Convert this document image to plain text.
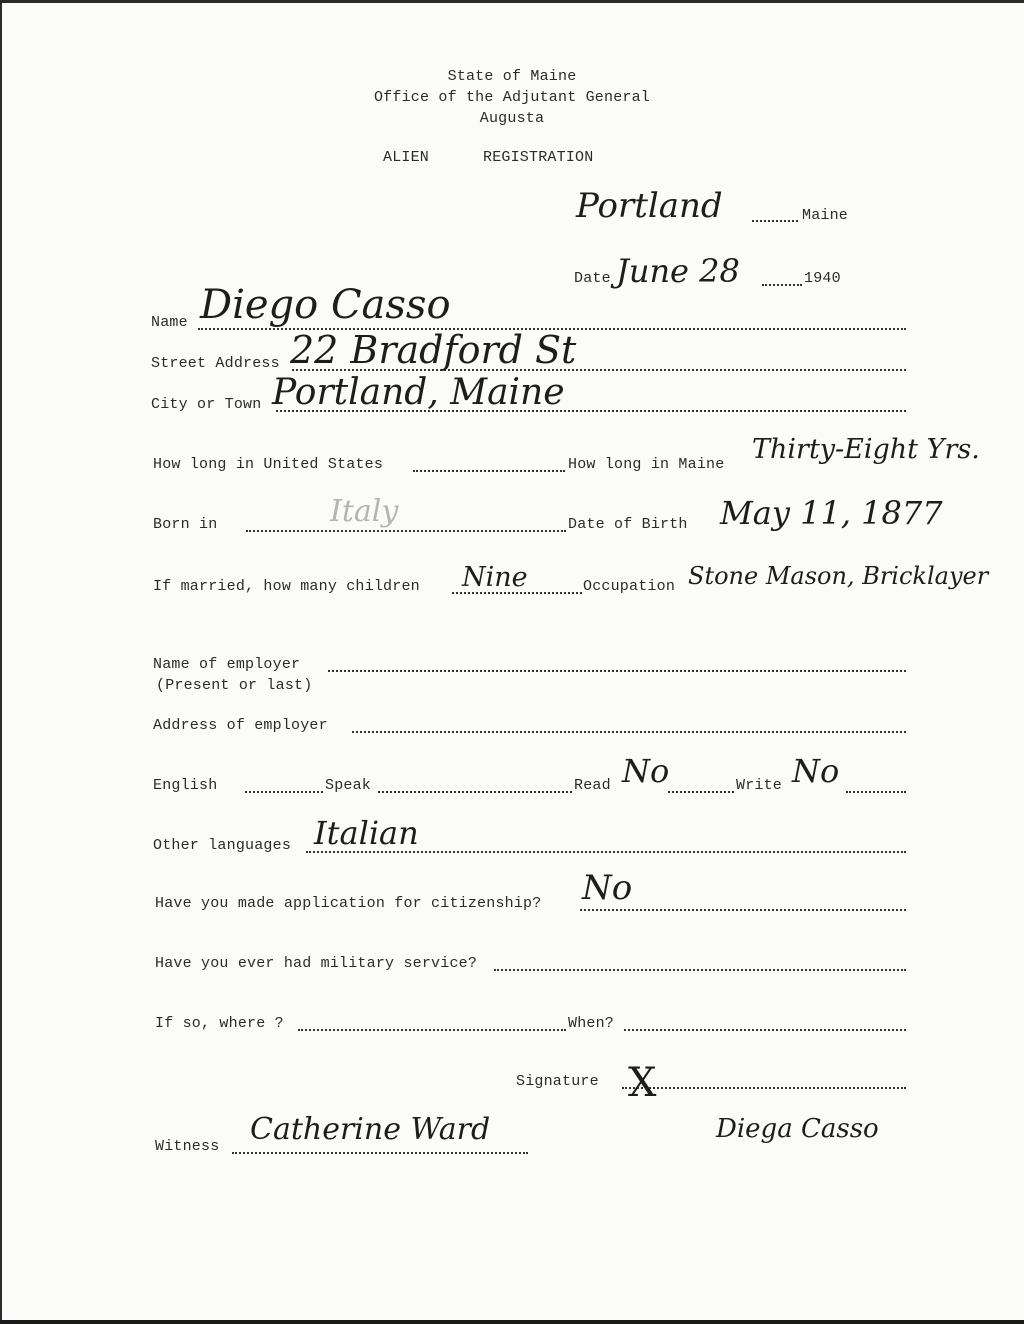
State of Maine
Office of the Adjutant General
Augusta
ALIEN	REGISTRATION
Portland	Maine
Date June 28	1940
Name Diego Casso
Street Address 22 Bradford St
City or Town Portland, Maine
How long in United States	How long in Maine Thirty-Eight Yrs.
Born in	Italy	Date of Birth May 11, 1877
If married, how many children Nine	Occupation Stone Mason, Bricklayer
Name of employer
(Present or last)
Address of employer
English	Speak	Read No	Write No
Other languages Italian
Have you made application for citizenship? No
Have you ever had military service?
If so, where ?	When?
Signature X
Witness Catherine Ward	Diega Casso
